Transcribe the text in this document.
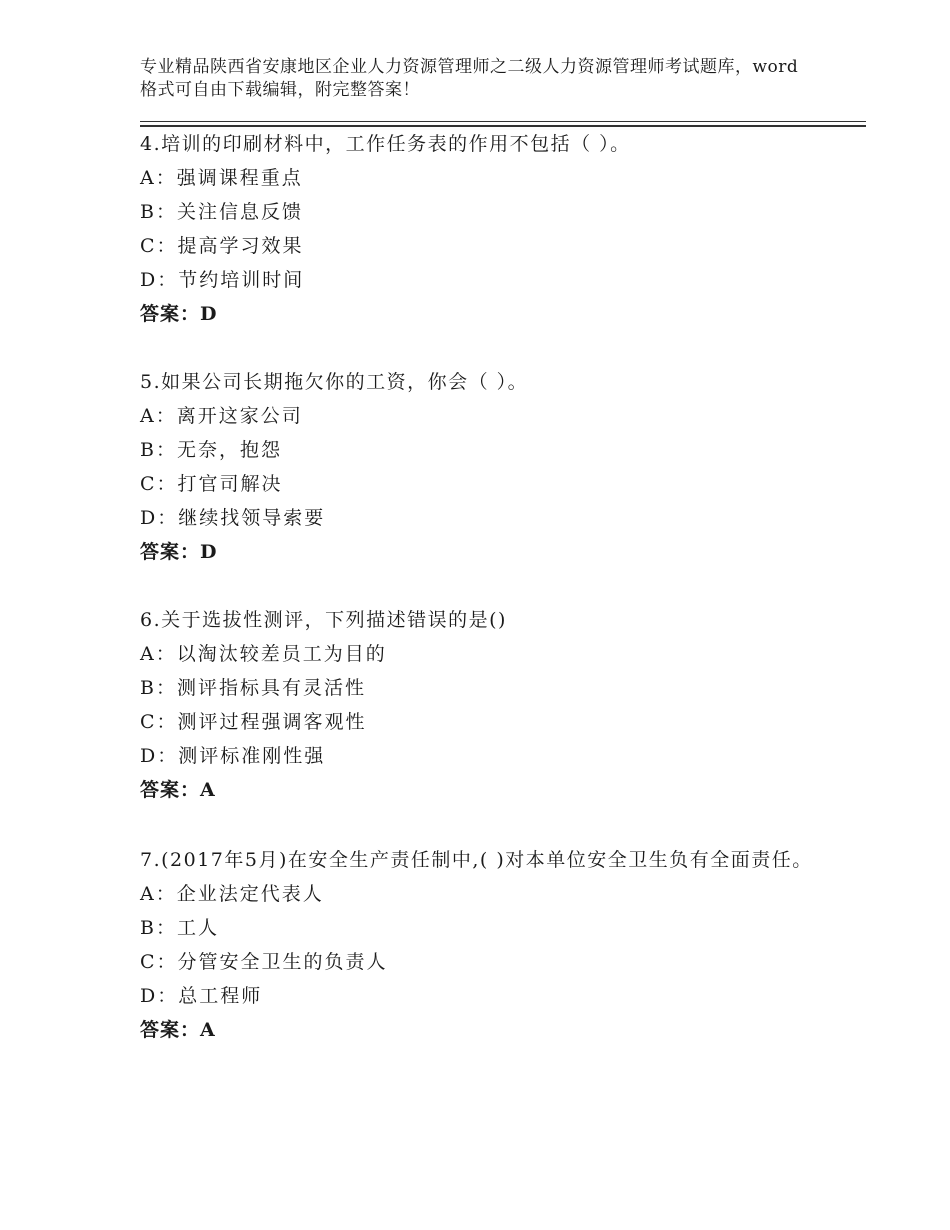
专业精品陕西省安康地区企业人力资源管理师之二级人力资源管理师考试题库，word格式可自由下载编辑，附完整答案！

4.培训的印刷材料中，工作任务表的作用不包括（ ）。

A：强调课程重点

B：关注信息反馈

C：提高学习效果

D：节约培训时间

答案：D

5.如果公司长期拖欠你的工资，你会（ ）。

A：离开这家公司

B：无奈，抱怨

C：打官司解决

D：继续找领导索要

答案：D

6.关于选拔性测评，下列描述错误的是()

A：以淘汰较差员工为目的

B：测评指标具有灵活性

C：测评过程强调客观性

D：测评标准刚性强

答案：A

7.(2017年5月)在安全生产责任制中,( )对本单位安全卫生负有全面责任。

A：企业法定代表人

B：工人

C：分管安全卫生的负责人

D：总工程师

答案：A
